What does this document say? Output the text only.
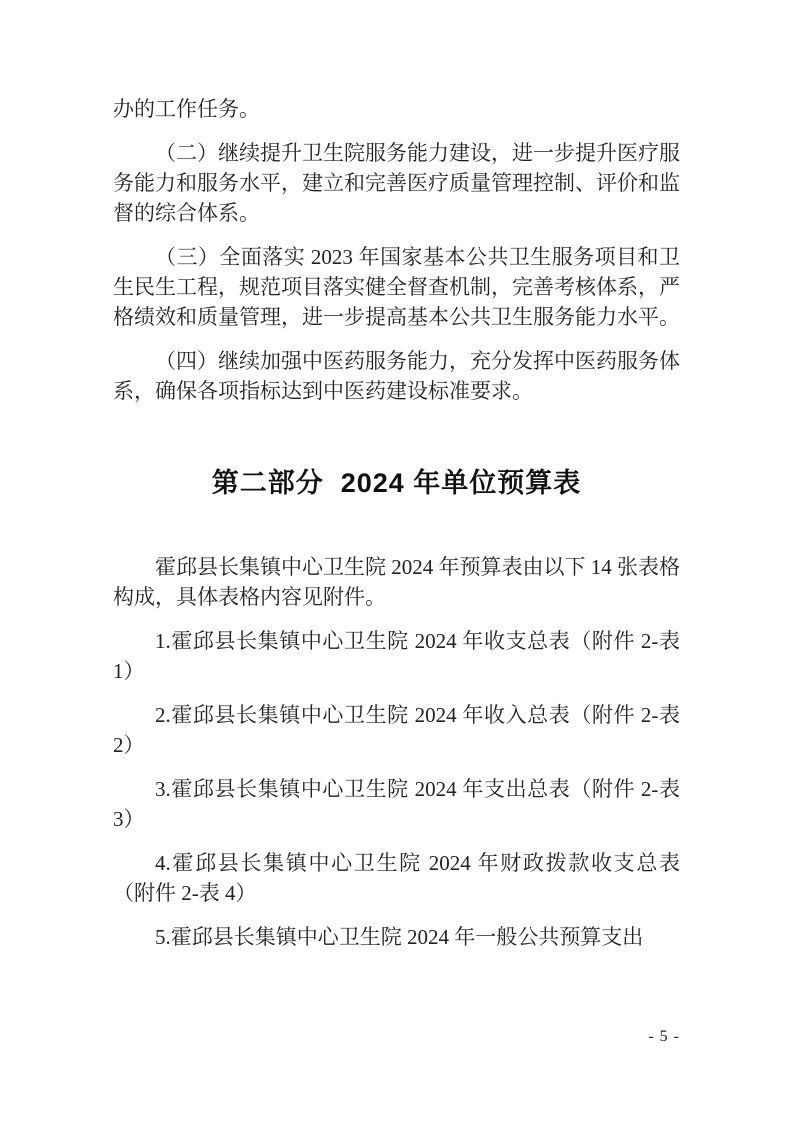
办的工作任务。

（二）继续提升卫生院服务能力建设，进一步提升医疗服务能力和服务水平，建立和完善医疗质量管理控制、评价和监督的综合体系。

（三）全面落实 2023 年国家基本公共卫生服务项目和卫生民生工程，规范项目落实健全督查机制，完善考核体系，严格绩效和质量管理，进一步提高基本公共卫生服务能力水平。

（四）继续加强中医药服务能力，充分发挥中医药服务体系，确保各项指标达到中医药建设标准要求。

第二部分  2024 年单位预算表

霍邱县长集镇中心卫生院 2024 年预算表由以下 14 张表格构成，具体表格内容见附件。

1.霍邱县长集镇中心卫生院 2024 年收支总表（附件 2-表 1）

2.霍邱县长集镇中心卫生院 2024 年收入总表（附件 2-表 2）

3.霍邱县长集镇中心卫生院 2024 年支出总表（附件 2-表 3）

4.霍邱县长集镇中心卫生院 2024 年财政拨款收支总表（附件 2-表 4）

5.霍邱县长集镇中心卫生院 2024 年一般公共预算支出

- 5 -
